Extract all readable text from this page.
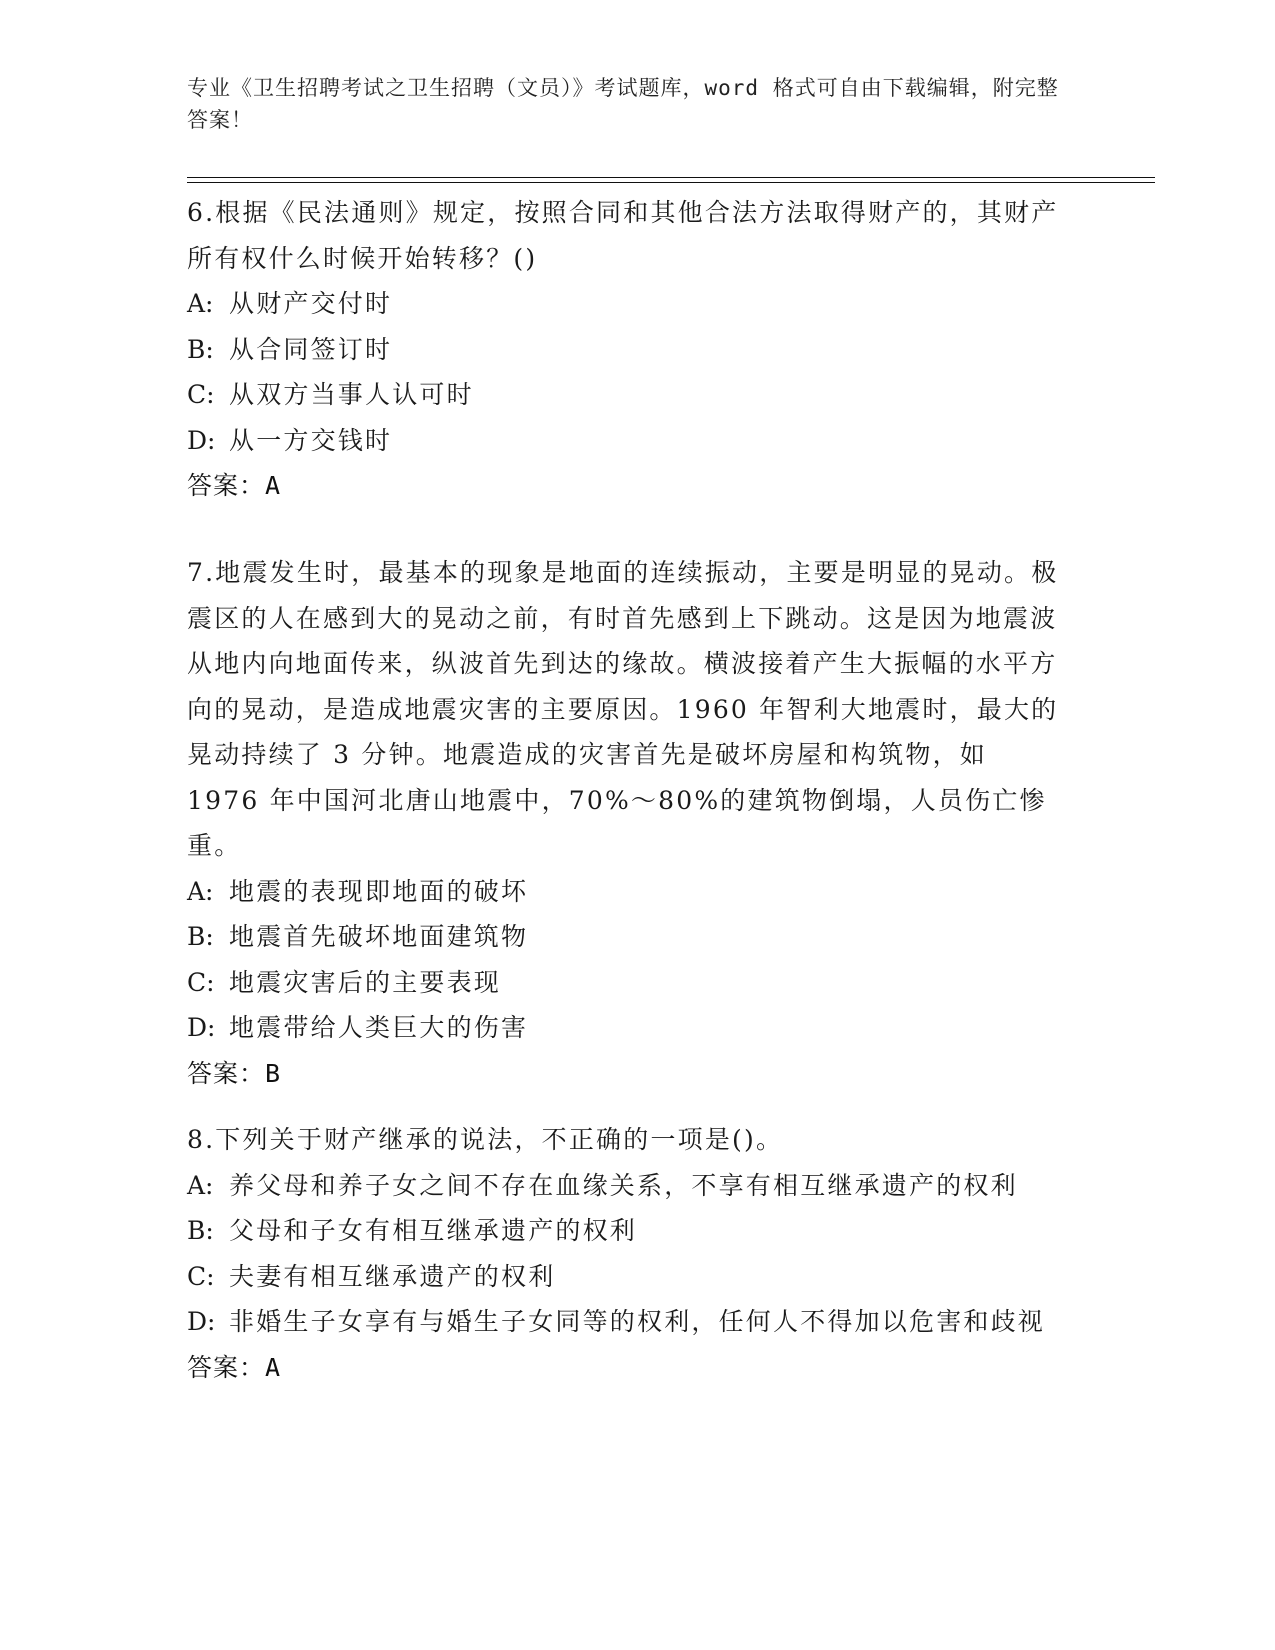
专业《卫生招聘考试之卫生招聘（文员）》考试题库，word 格式可自由下载编辑，附完整答案！

6.根据《民法通则》规定，按照合同和其他合法方法取得财产的，其财产所有权什么时候开始转移？()

A: 从财产交付时

B: 从合同签订时

C: 从双方当事人认可时

D: 从一方交钱时

答案：A

7.地震发生时，最基本的现象是地面的连续振动，主要是明显的晃动。极震区的人在感到大的晃动之前，有时首先感到上下跳动。这是因为地震波从地内向地面传来，纵波首先到达的缘故。横波接着产生大振幅的水平方向的晃动，是造成地震灾害的主要原因。1960 年智利大地震时，最大的晃动持续了 3 分钟。地震造成的灾害首先是破坏房屋和构筑物，如 1976 年中国河北唐山地震中，70%～80%的建筑物倒塌，人员伤亡惨重。

A: 地震的表现即地面的破坏

B: 地震首先破坏地面建筑物

C: 地震灾害后的主要表现

D: 地震带给人类巨大的伤害

答案：B

8.下列关于财产继承的说法，不正确的一项是()。

A: 养父母和养子女之间不存在血缘关系，不享有相互继承遗产的权利

B: 父母和子女有相互继承遗产的权利

C: 夫妻有相互继承遗产的权利

D: 非婚生子女享有与婚生子女同等的权利，任何人不得加以危害和歧视

答案：A
